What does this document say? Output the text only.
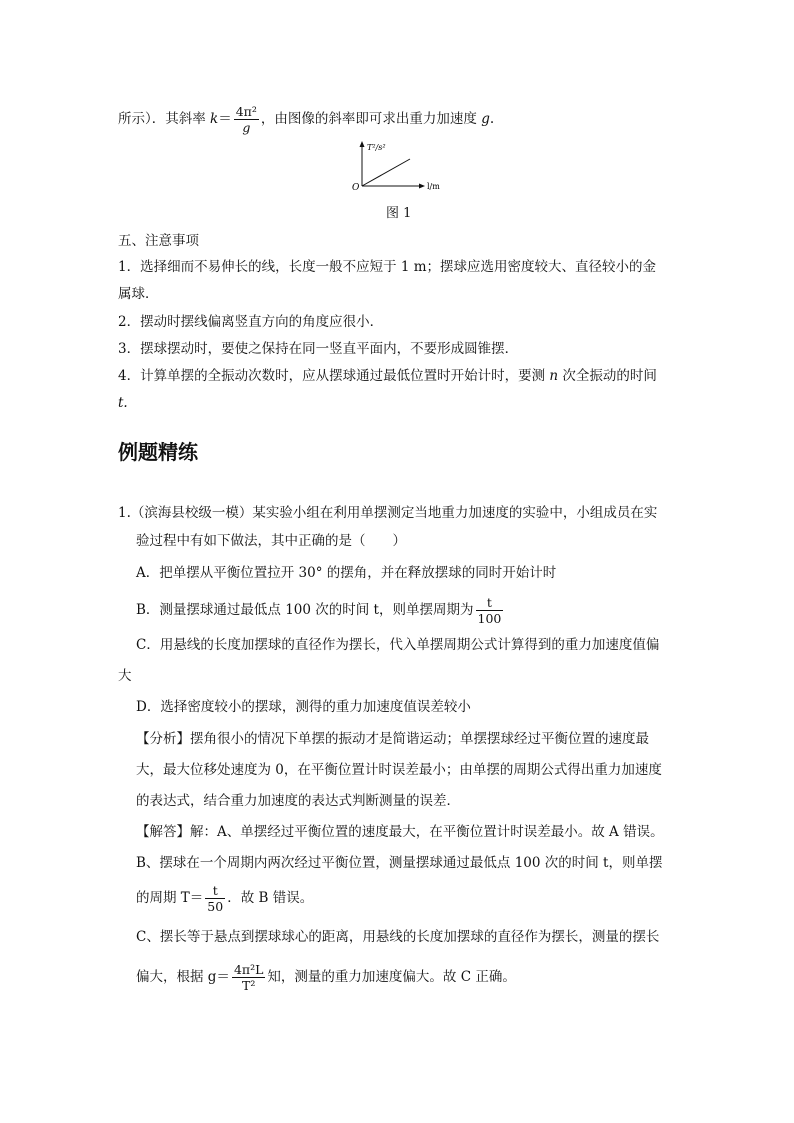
所示）．其斜率 $k= \frac{\text{4π²}}{g}$ ，由图像的斜率即可求出重力加速度 g.
T²/s²
l/m
O
图 1
五、注意事项
1．选择细而不易伸长的线，长度一般不应短于 1 m；摆球应选用密度较大、直径较小的金
属球．
2．摆动时摆线偏离竖直方向的角度应很小．
3．摆球摆动时，要使之保持在同一竖直平面内，不要形成圆锥摆．
4．计算单摆的全振动次数时，应从摆球通过最低位置时开始计时，要测 n 次全振动的时间
t.
例题精练
1.（滨海县校级一模）某实验小组在利用单摆测定当地重力加速度的实验中，小组成员在实
验过程中有如下做法，其中正确的是（　　）
A．把单摆从平衡位置拉开 30° 的摆角，并在释放摆球的同时开始计时
B．测量摆球通过最低点 100 次的时间 t，则单摆周期为 $\frac{t}{100}$
C．用悬线的长度加摆球的直径作为摆长，代入单摆周期公式计算得到的重力加速度值偏
大
D．选择密度较小的摆球，测得的重力加速度值误差较小
【分析】摆角很小的情况下单摆的振动才是简谐运动；单摆摆球经过平衡位置的速度最
大，最大位移处速度为 0，在平衡位置计时误差最小；由单摆的周期公式得出重力加速度
的表达式，结合重力加速度的表达式判断测量的误差．
【解答】解：A、单摆经过平衡位置的速度最大，在平衡位置计时误差最小。故 A 错误。
B、摆球在一个周期内两次经过平衡位置，测量摆球通过最低点 100 次的时间 t，则单摆
的周期 $T= \frac{t}{50}$ ．故 B 错误。
C、摆长等于悬点到摆球球心的距离，用悬线的长度加摆球的直径作为摆长，测量的摆长
偏大，根据 $g= \frac{\text{4π²L}}{\text{T²}}$ 知，测量的重力加速度偏大。故 C 正确。
